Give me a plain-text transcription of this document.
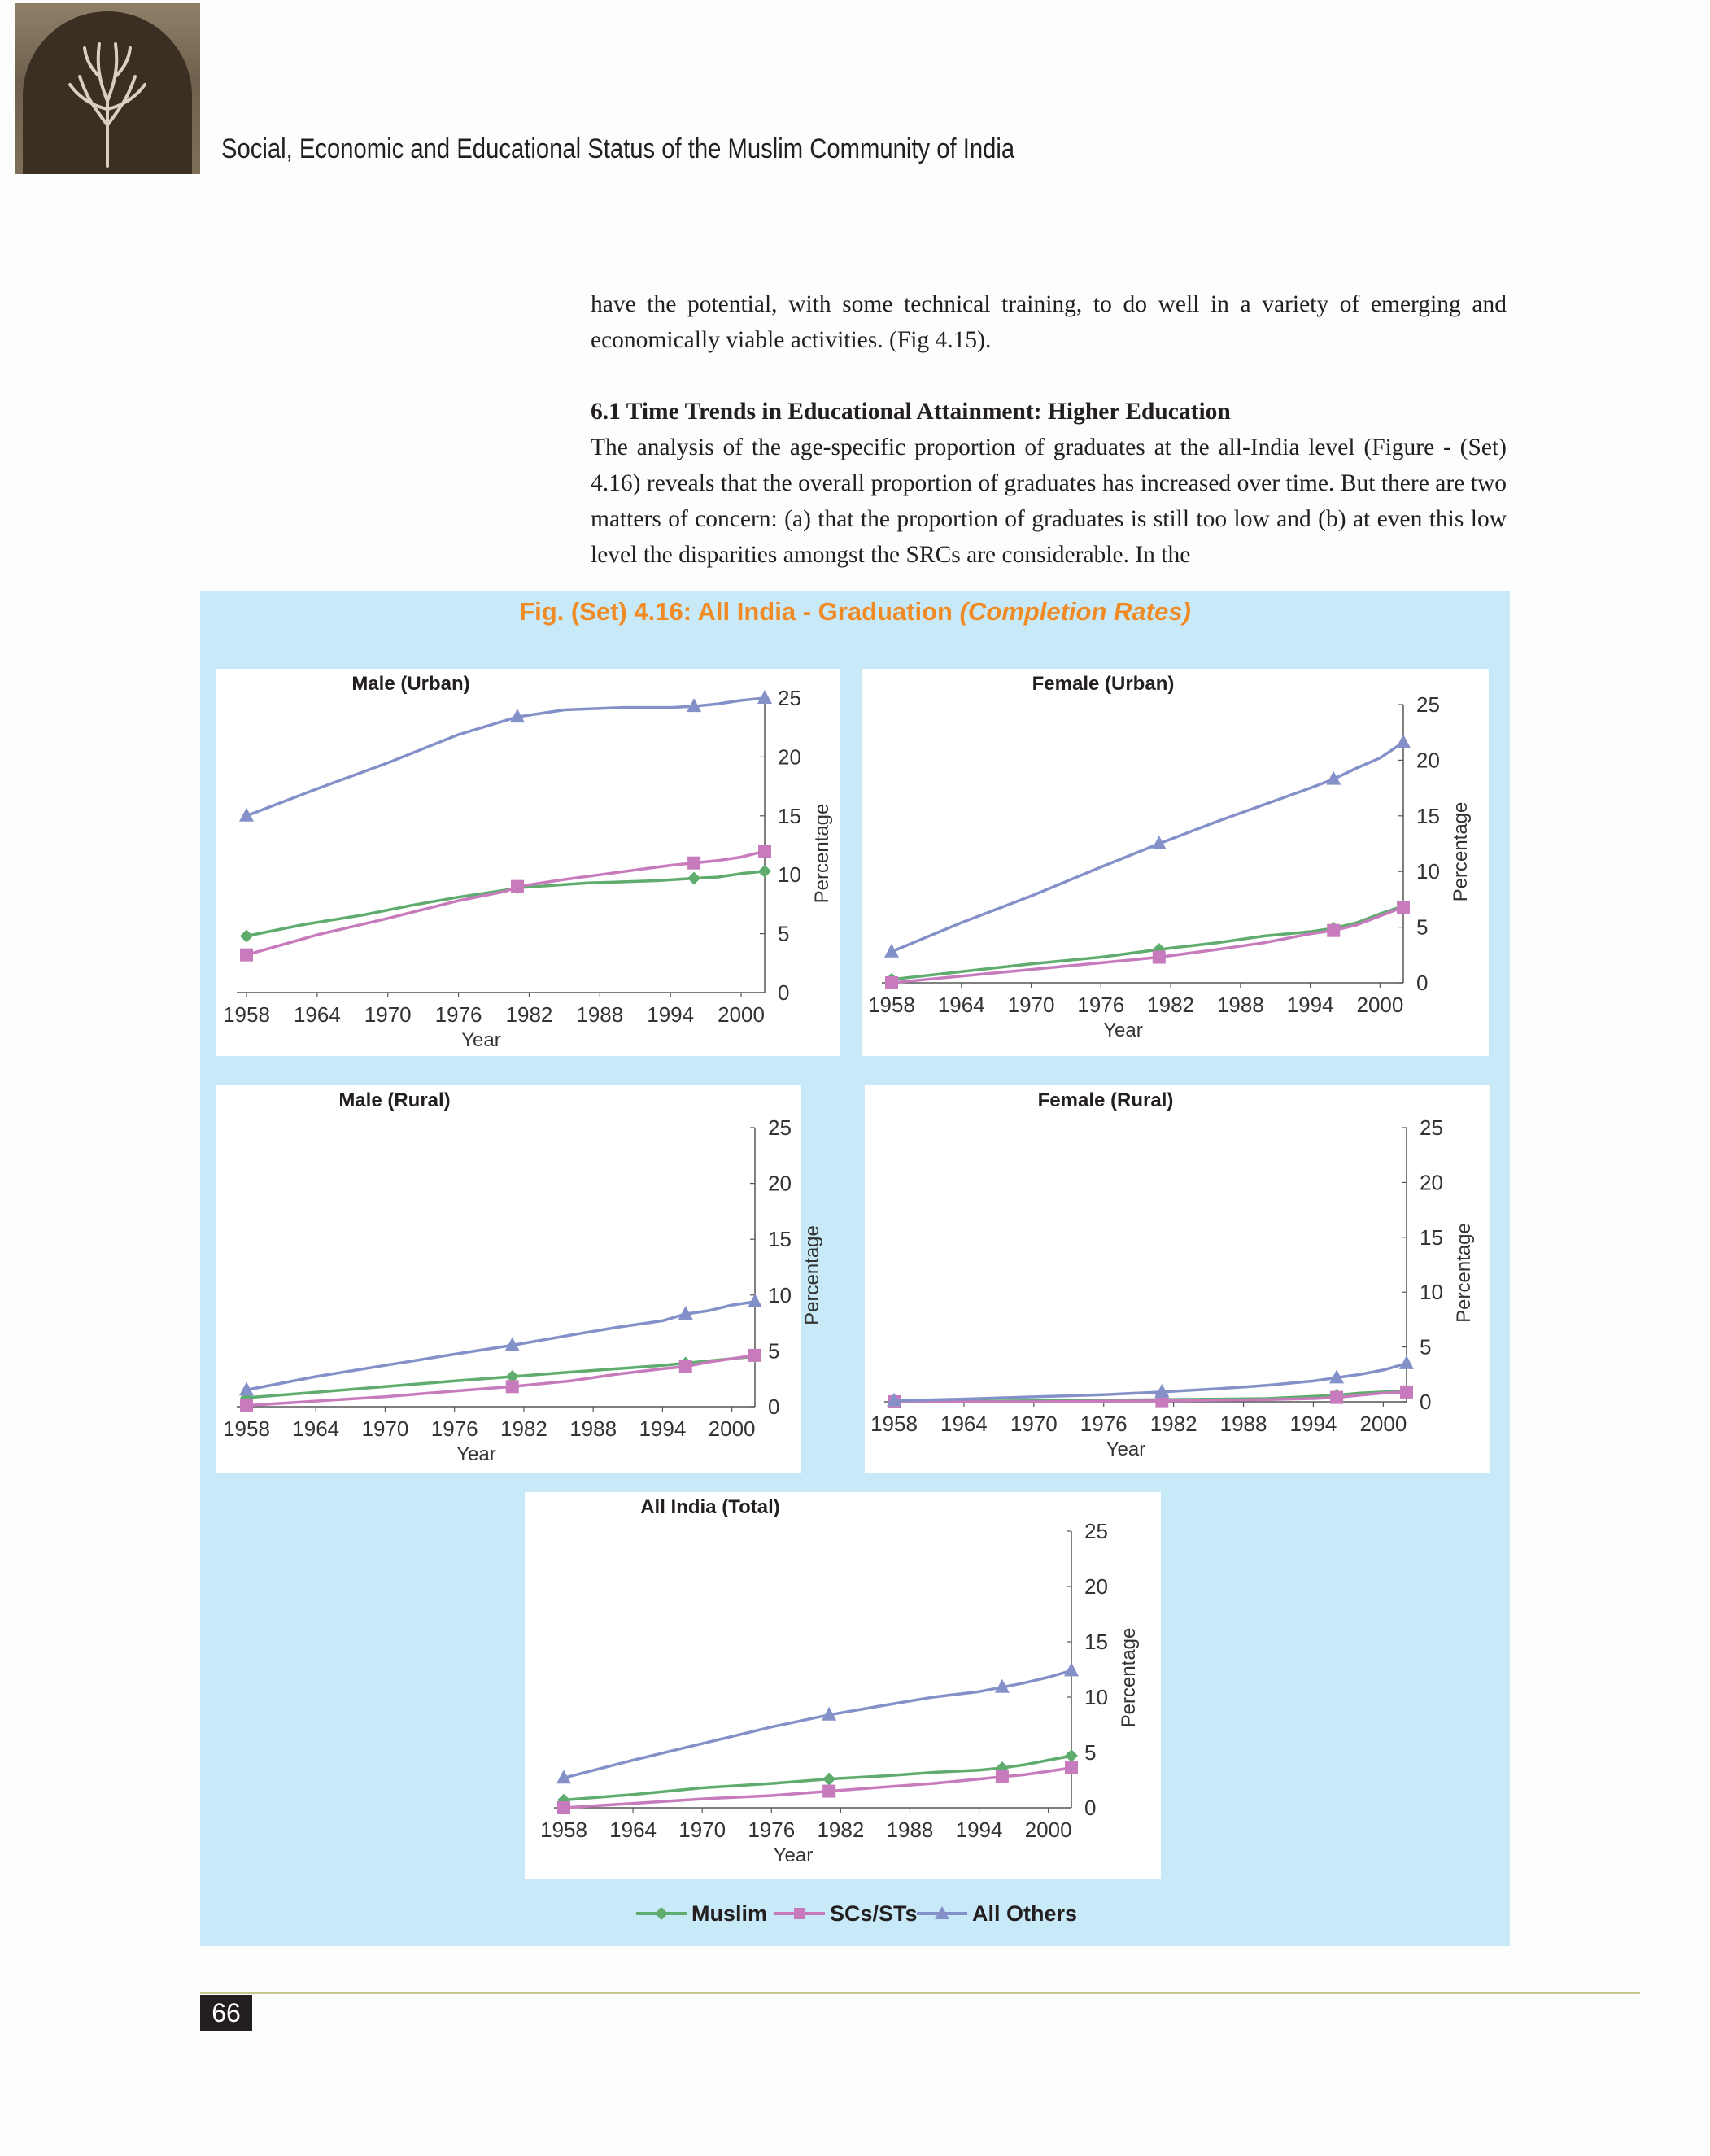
Social, Economic and Educational Status of the Muslim Community of India

have the potential, with some technical training, to do well in a variety of emerging and economically viable activities. (Fig 4.15).

6.1 Time Trends in Educational Attainment: Higher Education

The analysis of the age-specific proportion of graduates at the all-India level (Figure - (Set) 4.16) reveals that the overall proportion of graduates has increased over time. But there are two matters of concern: (a) that the proportion of graduates is still too low and (b) at even this low level the disparities amongst the SRCs are considerable. In the

Fig. (Set) 4.16: All India - Graduation (Completion Rates)
Male (Urban)
0
5
10
15
20
25
Percentage
1958 1964 1970 1976 1982 1988 1994 2000
Year
Female (Urban)
0
5
10
15
20
25
Percentage
1958 1964 1970 1976 1982 1988 1994 2000
Year
Male (Rural)
0
5
10
15
20
25
Percentage
1958 1964 1970 1976 1982 1988 1994 2000
Year
Female (Rural)
0
5
10
15
20
25
Percentage
1958 1964 1970 1976 1982 1988 1994 2000
Year
All India (Total)
0
5
10
15
20
25
Percentage
1958 1964 1970 1976 1982 1988 1994 2000
Year
Muslim	SCs/STs All Others
66
